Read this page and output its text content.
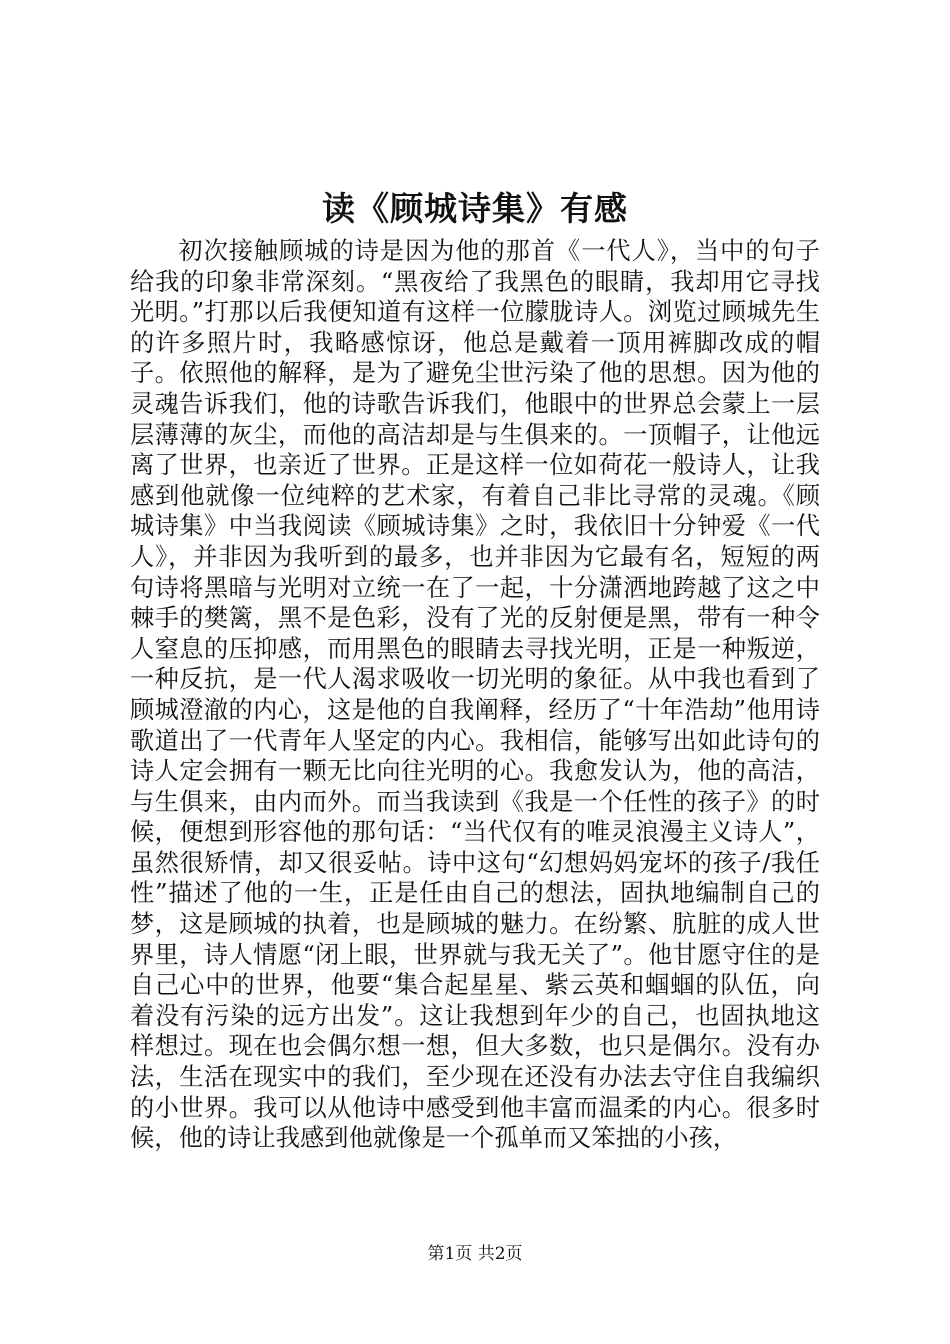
读《顾城诗集》有感

初次接触顾城的诗是因为他的那首《一代人》，当中的句子给我的印象非常深刻。“黑夜给了我黑色的眼睛，我却用它寻找光明。”打那以后我便知道有这样一位朦胧诗人。浏览过顾城先生的许多照片时，我略感惊讶，他总是戴着一顶用裤脚改成的帽子。依照他的解释，是为了避免尘世污染了他的思想。因为他的灵魂告诉我们，他的诗歌告诉我们，他眼中的世界总会蒙上一层层薄薄的灰尘，而他的高洁却是与生俱来的。一顶帽子，让他远离了世界，也亲近了世界。正是这样一位如荷花一般诗人，让我感到他就像一位纯粹的艺术家，有着自己非比寻常的灵魂。《顾城诗集》中当我阅读《顾城诗集》之时，我依旧十分钟爱《一代人》，并非因为我听到的最多，也并非因为它最有名，短短的两句诗将黑暗与光明对立统一在了一起，十分潇洒地跨越了这之中棘手的樊篱，黑不是色彩，没有了光的反射便是黑，带有一种令人窒息的压抑感，而用黑色的眼睛去寻找光明，正是一种叛逆，一种反抗，是一代人渴求吸收一切光明的象征。从中我也看到了顾城澄澈的内心，这是他的自我阐释，经历了“十年浩劫”他用诗歌道出了一代青年人坚定的内心。我相信，能够写出如此诗句的诗人定会拥有一颗无比向往光明的心。我愈发认为，他的高洁，与生俱来，由内而外。而当我读到《我是一个任性的孩子》的时候，便想到形容他的那句话：“当代仅有的唯灵浪漫主义诗人”，虽然很矫情，却又很妥帖。诗中这句“幻想妈妈宠坏的孩子/我任性”描述了他的一生，正是任由自己的想法，固执地编制自己的梦，这是顾城的执着，也是顾城的魅力。在纷繁、肮脏的成人世界里，诗人情愿“闭上眼，世界就与我无关了”。他甘愿守住的是自己心中的世界，他要“集合起星星、紫云英和蝈蝈的队伍，向着没有污染的远方出发”。这让我想到年少的自己，也固执地这样想过。现在也会偶尔想一想，但大多数，也只是偶尔。没有办法，生活在现实中的我们，至少现在还没有办法去守住自我编织的小世界。我可以从他诗中感受到他丰富而温柔的内心。很多时候，他的诗让我感到他就像是一个孤单而又笨拙的小孩，

第1页 共2页
